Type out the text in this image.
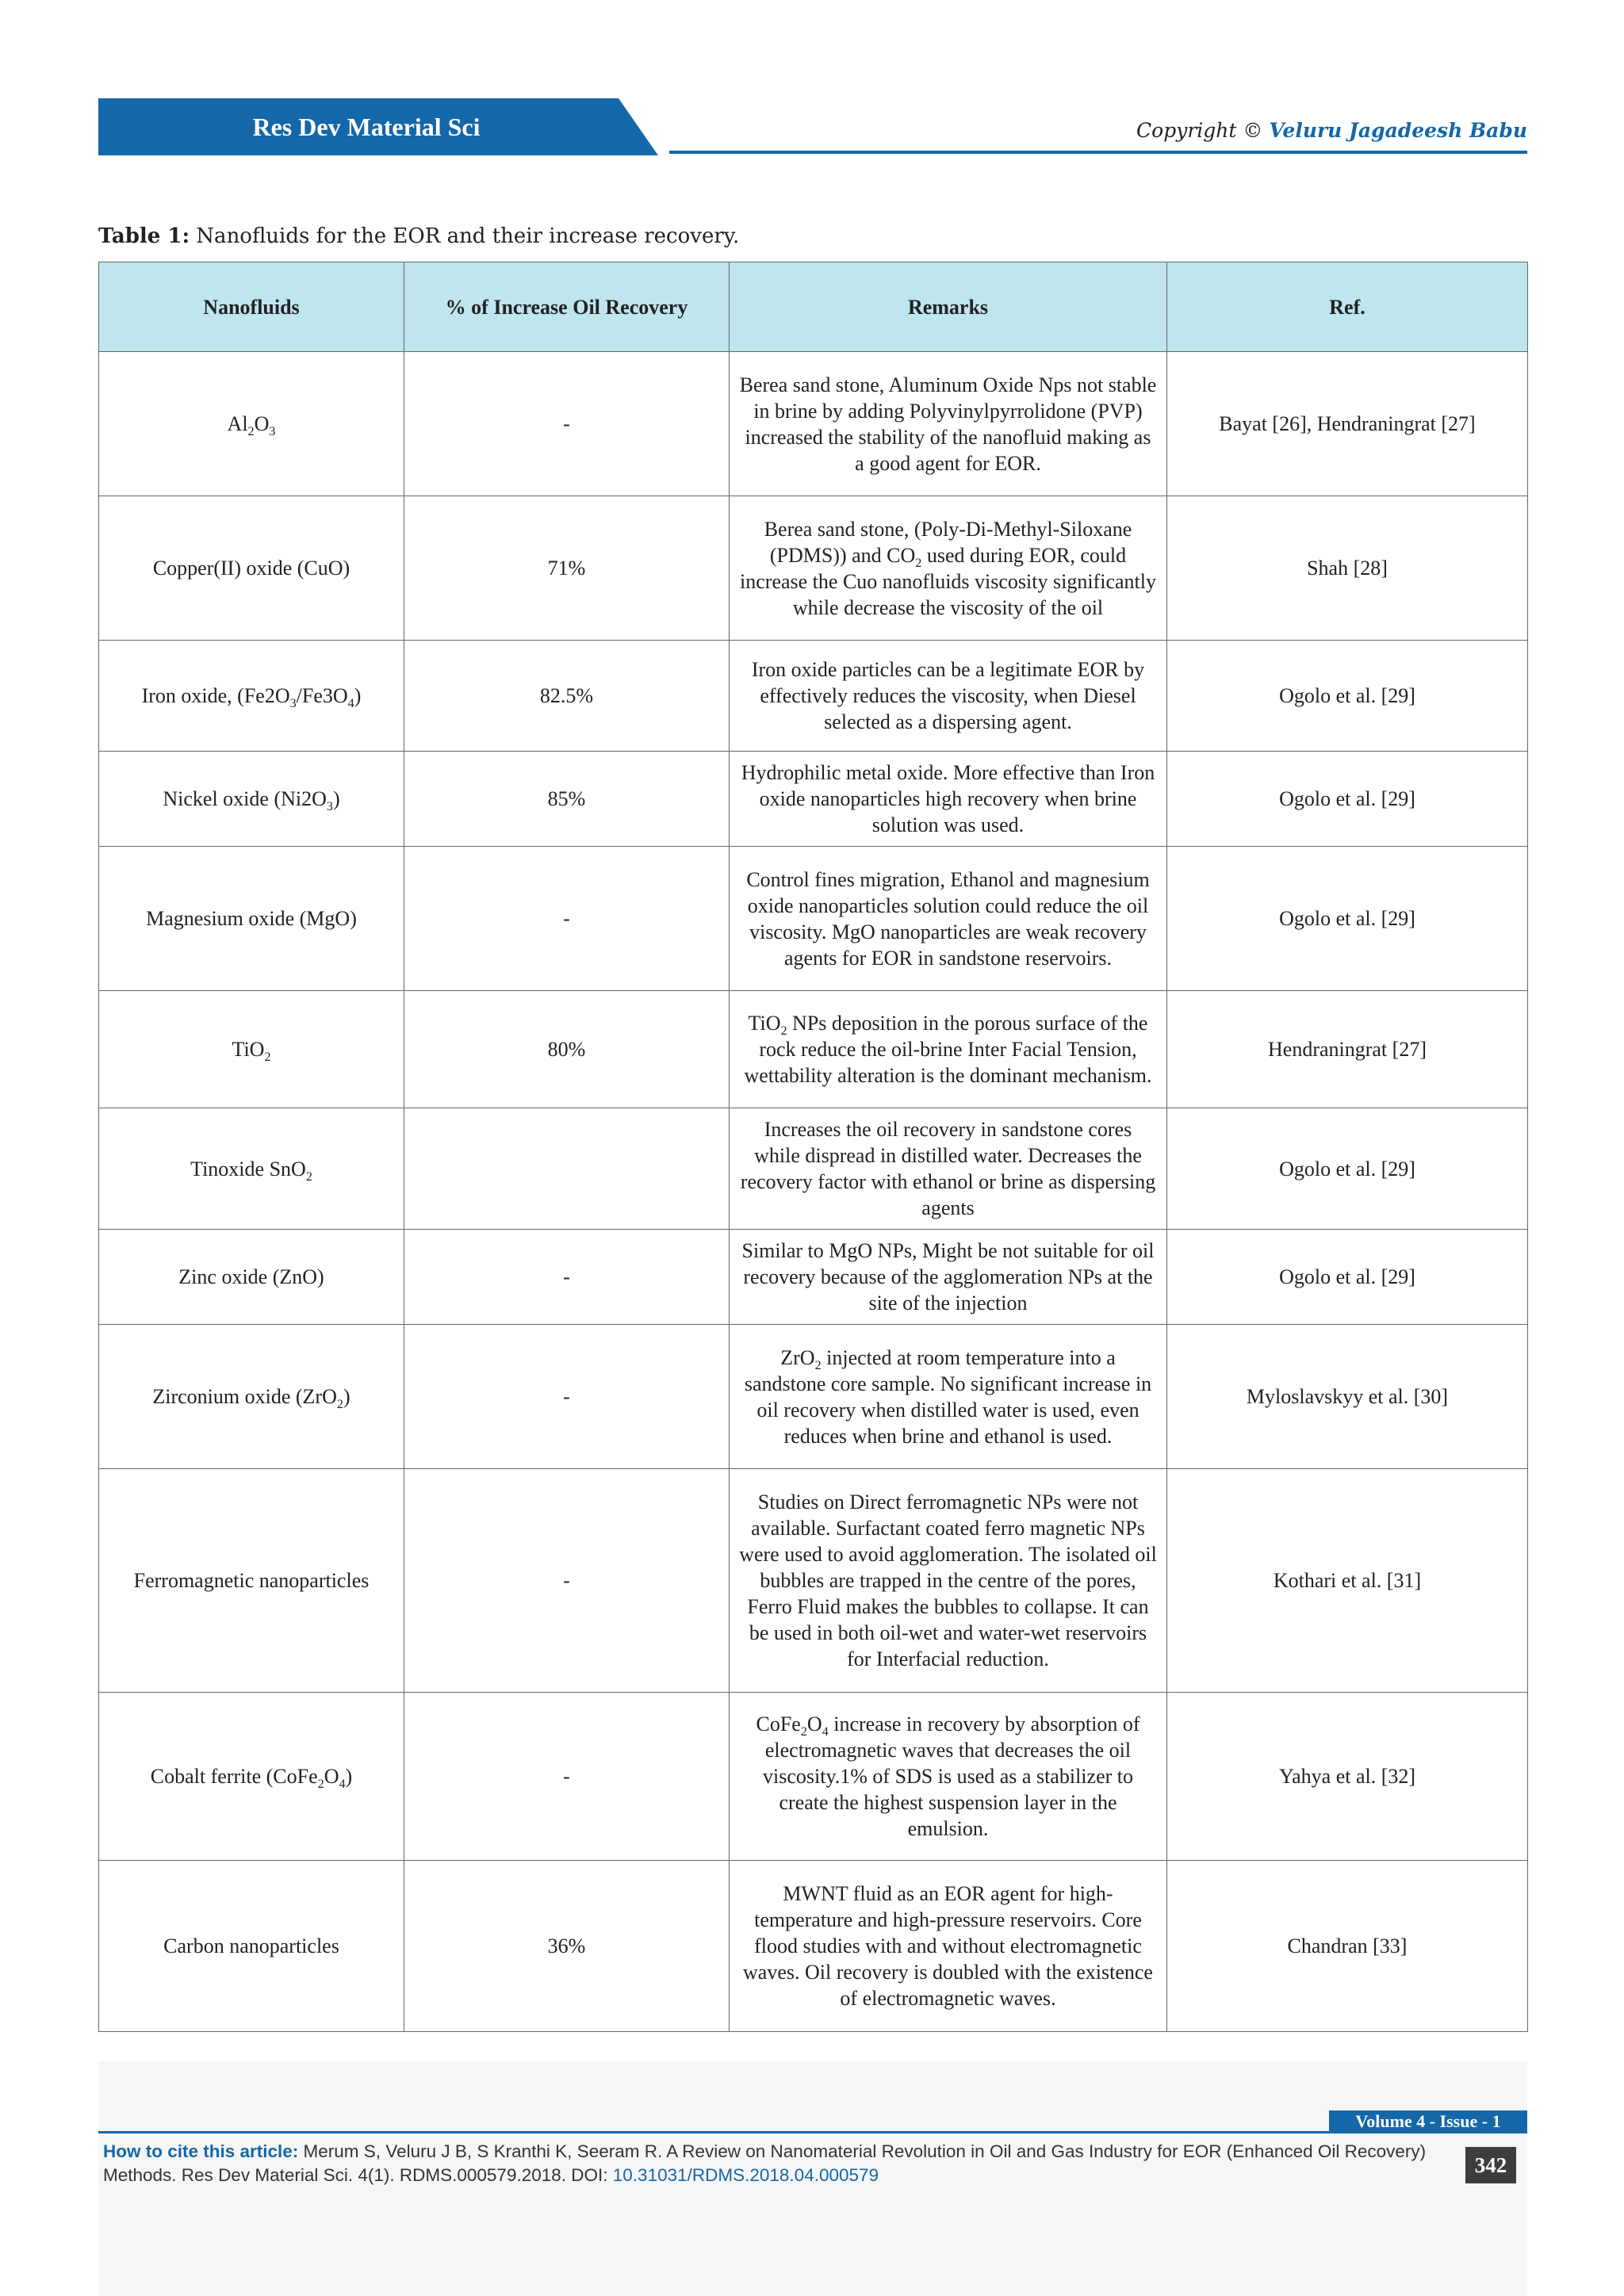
Res Dev Material Sci	Copyright © Veluru Jagadeesh Babu
Table 1: Nanofluids for the EOR and their increase recovery.
Nanofluids	% of Increase Oil Recovery	Remarks	Ref.
$Al_2O_3$	-	Berea sand stone, Aluminum Oxide Nps not stable in brine by adding Polyvinylpyrrolidone (PVP) increased the stability of the nanofluid making as a good agent for EOR.	Bayat [26], Hendraningrat [27]
Copper(II) oxide (CuO)	71%	Berea sand stone, (Poly-Di-Methyl-Siloxane (PDMS)) and $CO_2$ used during EOR, could increase the Cuo nanofluids viscosity significantly while decrease the viscosity of the oil	Shah [28]
Iron oxide, $(Fe2O_3/Fe3O_4)$	82.5%	Iron oxide particles can be a legitimate EOR by effectively reduces the viscosity, when Diesel selected as a dispersing agent.	Ogolo et al. [29]
Nickel oxide $(Ni2O_3)$	85%	Hydrophilic metal oxide. More effective than Iron oxide nanoparticles high recovery when brine solution was used.	Ogolo et al. [29]
Magnesium oxide (MgO)	-	Control fines migration, Ethanol and magnesium oxide nanoparticles solution could reduce the oil viscosity. MgO nanoparticles are weak recovery agents for EOR in sandstone reservoirs.	Ogolo et al. [29]
TiO$_2$	80%	TiO$_2$ NPs deposition in the porous surface of the rock reduce the oil-brine Inter Facial Tension, wettability alteration is the dominant mechanism.	Hendraningrat [27]
Tinoxide SnO$_2$		Increases the oil recovery in sandstone cores while dispread in distilled water. Decreases the recovery factor with ethanol or brine as dispersing agents	Ogolo et al. [29]
Zinc oxide (ZnO)	-	Similar to MgO NPs, Might be not suitable for oil recovery because of the agglomeration NPs at the site of the injection	Ogolo et al. [29]
Zirconium oxide (ZrO$_2$)	-	ZrO$_2$ injected at room temperature into a sandstone core sample. No significant increase in oil recovery when distilled water is used, even reduces when brine and ethanol is used.	Myloslavskyy et al. [30]
Ferromagnetic nanoparticles	-	Studies on Direct ferromagnetic NPs were not available. Surfactant coated ferro magnetic NPs were used to avoid agglomeration. The isolated oil bubbles are trapped in the centre of the pores, Ferro Fluid makes the bubbles to collapse. It can be used in both oil-wet and water-wet reservoirs for Interfacial reduction.	Kothari et al. [31]
Cobalt ferrite $(CoFe_2O_4)$	-	$CoFe_2O_4$ increase in recovery by absorption of electromagnetic waves that decreases the oil viscosity.1% of SDS is used as a stabilizer to create the highest suspension layer in the emulsion.	Yahya et al. [32]
Carbon nanoparticles	36%	MWNT fluid as an EOR agent for high-temperature and high-pressure reservoirs. Core flood studies with and without electromagnetic waves. Oil recovery is doubled with the existence of electromagnetic waves.	Chandran [33]
Volume 4 - Issue - 1
How to cite this article: Merum S, Veluru J B, S Kranthi K, Seeram R. A Review on Nanomaterial Revolution in Oil and Gas Industry for EOR (Enhanced Oil Recovery) Methods. Res Dev Material Sci. 4(1). RDMS.000579.2018. DOI: 10.31031/RDMS.2018.04.000579	342
